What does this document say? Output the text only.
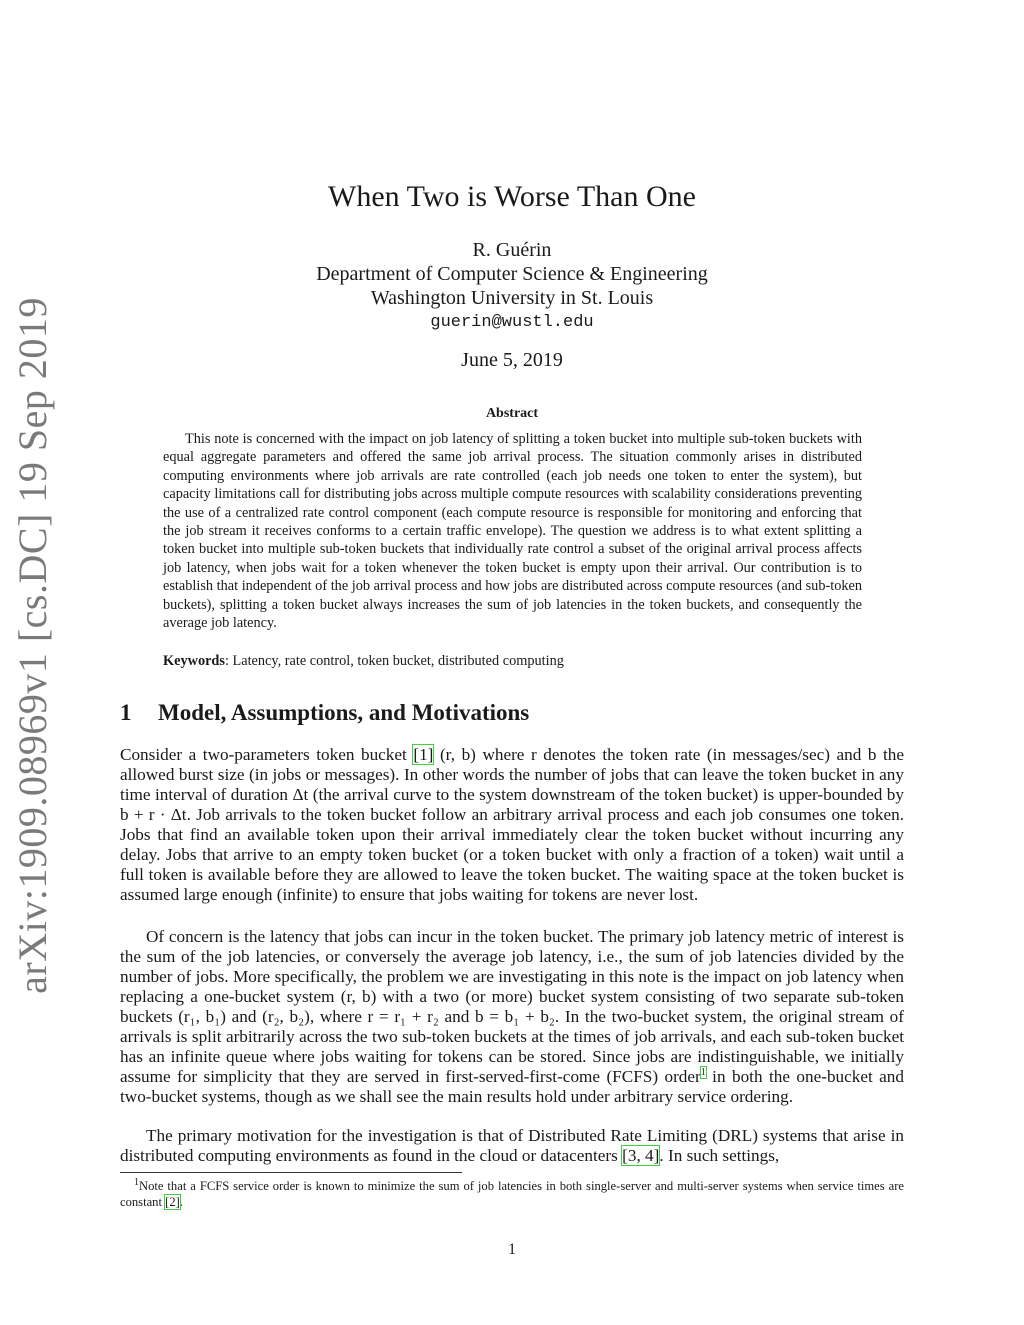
arXiv:1909.08969v1 [cs.DC] 19 Sep 2019
When Two is Worse Than One
R. Guérin
Department of Computer Science & Engineering
Washington University in St. Louis
guerin@wustl.edu
June 5, 2019
Abstract

This note is concerned with the impact on job latency of splitting a token bucket into multiple sub-token buckets with equal aggregate parameters and offered the same job arrival process. The situation commonly arises in distributed computing environments where job arrivals are rate controlled (each job needs one token to enter the system), but capacity limitations call for distributing jobs across multiple compute resources with scalability considerations preventing the use of a centralized rate control component (each compute resource is responsible for monitoring and enforcing that the job stream it receives conforms to a certain traffic envelope). The question we address is to what extent splitting a token bucket into multiple sub-token buckets that individually rate control a subset of the original arrival process affects job latency, when jobs wait for a token whenever the token bucket is empty upon their arrival. Our contribution is to establish that independent of the job arrival process and how jobs are distributed across compute resources (and sub-token buckets), splitting a token bucket always increases the sum of job latencies in the token buckets, and consequently the average job latency.

Keywords: Latency, rate control, token bucket, distributed computing
1 Model, Assumptions, and Motivations

Consider a two-parameters token bucket [1] (r, b) where r denotes the token rate (in messages/sec) and b the allowed burst size (in jobs or messages). In other words the number of jobs that can leave the token bucket in any time interval of duration Δt (the arrival curve to the system downstream of the token bucket) is upper-bounded by b + r · Δt. Job arrivals to the token bucket follow an arbitrary arrival process and each job consumes one token. Jobs that find an available token upon their arrival immediately clear the token bucket without incurring any delay. Jobs that arrive to an empty token bucket (or a token bucket with only a fraction of a token) wait until a full token is available before they are allowed to leave the token bucket. The waiting space at the token bucket is assumed large enough (infinite) to ensure that jobs waiting for tokens are never lost.

Of concern is the latency that jobs can incur in the token bucket. The primary job latency metric of interest is the sum of the job latencies, or conversely the average job latency, i.e., the sum of job latencies divided by the number of jobs. More specifically, the problem we are investigating in this note is the impact on job latency when replacing a one-bucket system (r, b) with a two (or more) bucket system consisting of two separate sub-token buckets (r₁, b₁) and (r₂, b₂), where r = r₁ + r₂ and b = b₁ + b₂. In the two-bucket system, the original stream of arrivals is split arbitrarily across the two sub-token buckets at the times of job arrivals, and each sub-token bucket has an infinite queue where jobs waiting for tokens can be stored. Since jobs are indistinguishable, we initially assume for simplicity that they are served in first-served-first-come (FCFS) order$^1$ in both the one-bucket and two-bucket systems, though as we shall see the main results hold under arbitrary service ordering.

The primary motivation for the investigation is that of Distributed Rate Limiting (DRL) systems that arise in distributed computing environments as found in the cloud or datacenters [3, 4]. In such settings,

$^1$Note that a FCFS service order is known to minimize the sum of job latencies in both single-server and multi-server systems when service times are constant [2].

1
